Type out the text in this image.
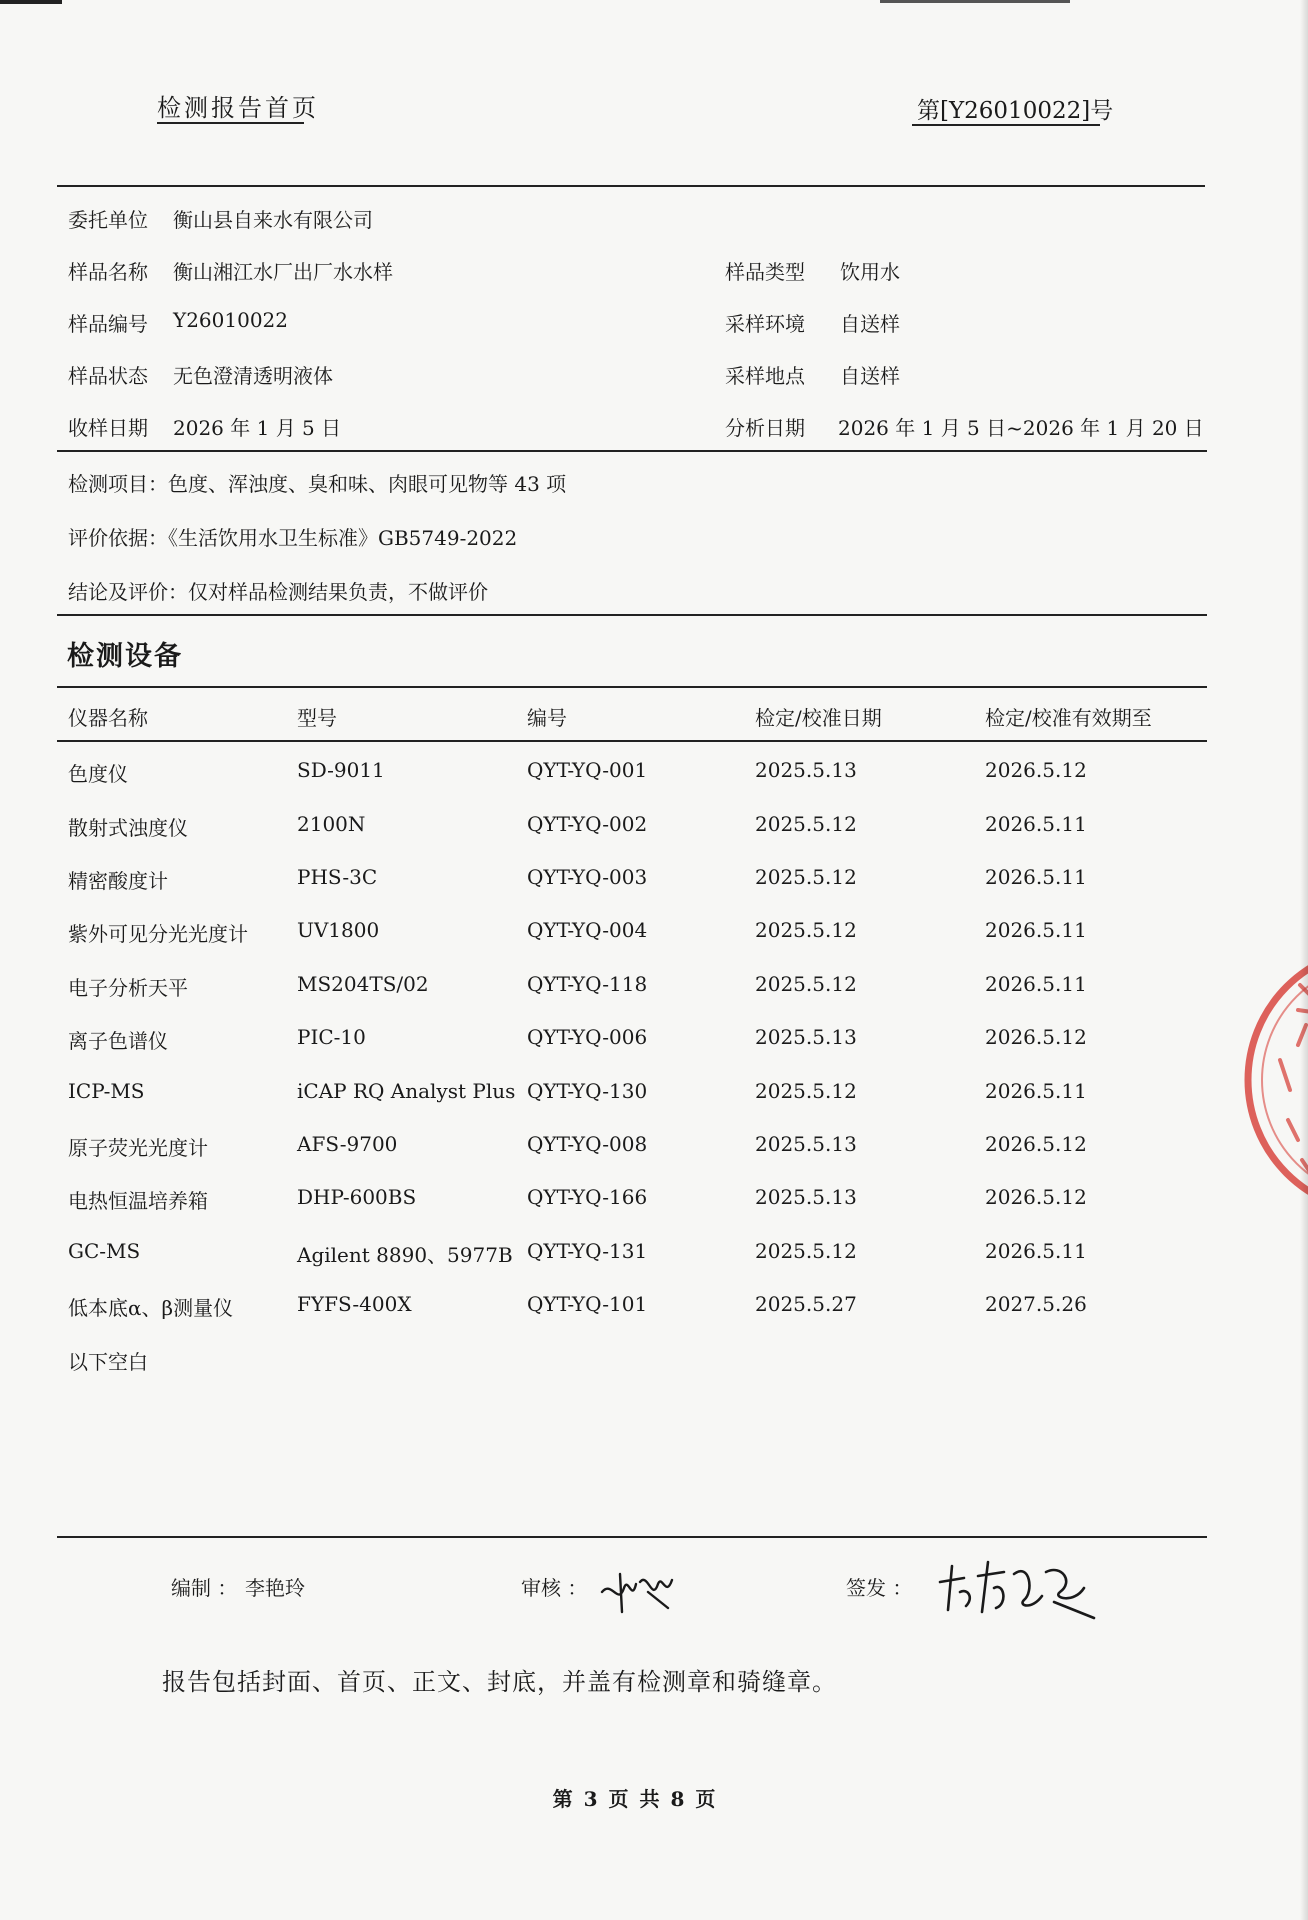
检测报告首页	第[Y26010022]号
委托单位 衡山县自来水有限公司
样品名称 衡山湘江水厂出厂水水样	样品类型 饮用水
样品编号 Y26010022	采样环境 自送样
样品状态 无色澄清透明液体	采样地点 自送样
收样日期 2026 年 1 月 5 日	分析日期 2026 年 1 月 5 日~2026 年 1 月 20 日
检测项目：色度、浑浊度、臭和味、肉眼可见物等 43 项
评价依据：《生活饮用水卫生标准》GB5749-2022
结论及评价：仅对样品检测结果负责，不做评价
检测设备
仪器名称	型号	编号	检定/校准日期	检定/校准有效期至
色度仪	SD-9011	QYT-YQ-001	2025.5.13	2026.5.12
散射式浊度仪	2100N	QYT-YQ-002	2025.5.12	2026.5.11
精密酸度计	PHS-3C	QYT-YQ-003	2025.5.12	2026.5.11
紫外可见分光光度计 UV1800	QYT-YQ-004	2025.5.12	2026.5.11
电子分析天平	MS204TS/02	QYT-YQ-118	2025.5.12	2026.5.11
离子色谱仪	PIC-10	QYT-YQ-006	2025.5.13	2026.5.12
ICP-MS	iCAP RQ Analyst Plus QYT-YQ-130	2025.5.12	2026.5.11
原子荧光光度计	AFS-9700	QYT-YQ-008	2025.5.13	2026.5.12
电热恒温培养箱	DHP-600BS	QYT-YQ-166	2025.5.13	2026.5.12
GC-MS	Agilent 8890、5977B QYT-YQ-131	2025.5.12	2026.5.11
低本底α、β测量仪	FYFS-400X	QYT-YQ-101	2025.5.27	2027.5.26
以下空白
编制 ： 李艳玲	审核 ：	签发 ：
报告包括封面、首页、正文、封底，并盖有检测章和骑缝章。
第 3 页 共 8 页
